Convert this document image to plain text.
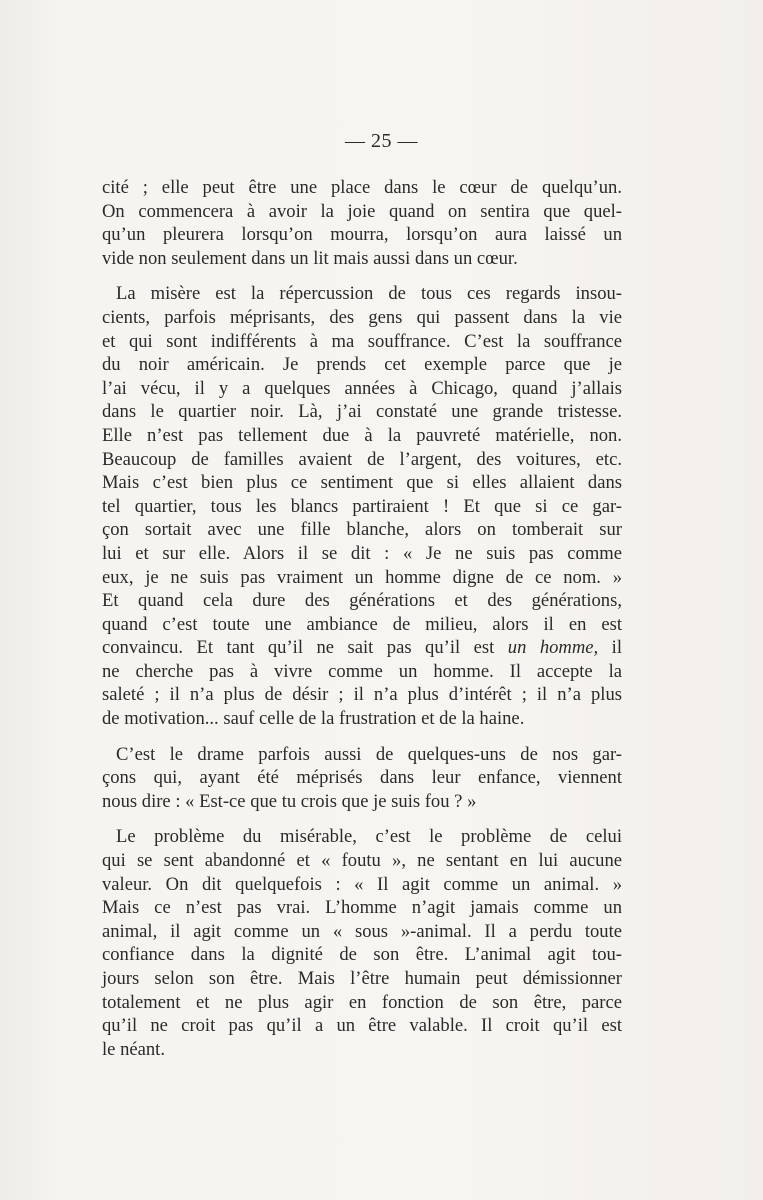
— 25 —

cité ; elle peut être une place dans le cœur de quelqu’un.
On commencera à avoir la joie quand on sentira que quel-
qu’un pleurera lorsqu’on mourra, lorsqu’on aura laissé un
vide non seulement dans un lit mais aussi dans un cœur.

La misère est la répercussion de tous ces regards insou-
cients, parfois méprisants, des gens qui passent dans la vie
et qui sont indifférents à ma souffrance. C’est la souffrance
du noir américain. Je prends cet exemple parce que je
l’ai vécu, il y a quelques années à Chicago, quand j’allais
dans le quartier noir. Là, j’ai constaté une grande tristesse.
Elle n’est pas tellement due à la pauvreté matérielle, non.
Beaucoup de familles avaient de l’argent, des voitures, etc.
Mais c’est bien plus ce sentiment que si elles allaient dans
tel quartier, tous les blancs partiraient ! Et que si ce gar-
çon sortait avec une fille blanche, alors on tomberait sur
lui et sur elle. Alors il se dit : « Je ne suis pas comme
eux, je ne suis pas vraiment un homme digne de ce nom. »
Et quand cela dure des générations et des générations,
quand c’est toute une ambiance de milieu, alors il en est
convaincu. Et tant qu’il ne sait pas qu’il est un homme, il
ne cherche pas à vivre comme un homme. Il accepte la
saleté ; il n’a plus de désir ; il n’a plus d’intérêt ; il n’a plus
de motivation... sauf celle de la frustration et de la haine.

C’est le drame parfois aussi de quelques-uns de nos gar-
çons qui, ayant été méprisés dans leur enfance, viennent
nous dire : « Est-ce que tu crois que je suis fou ? »

Le problème du misérable, c’est le problème de celui
qui se sent abandonné et « foutu », ne sentant en lui aucune
valeur. On dit quelquefois : « Il agit comme un animal. »
Mais ce n’est pas vrai. L’homme n’agit jamais comme un
animal, il agit comme un « sous »-animal. Il a perdu toute
confiance dans la dignité de son être. L’animal agit tou-
jours selon son être. Mais l’être humain peut démissionner
totalement et ne plus agir en fonction de son être, parce
qu’il ne croit pas qu’il a un être valable. Il croit qu’il est
le néant.
